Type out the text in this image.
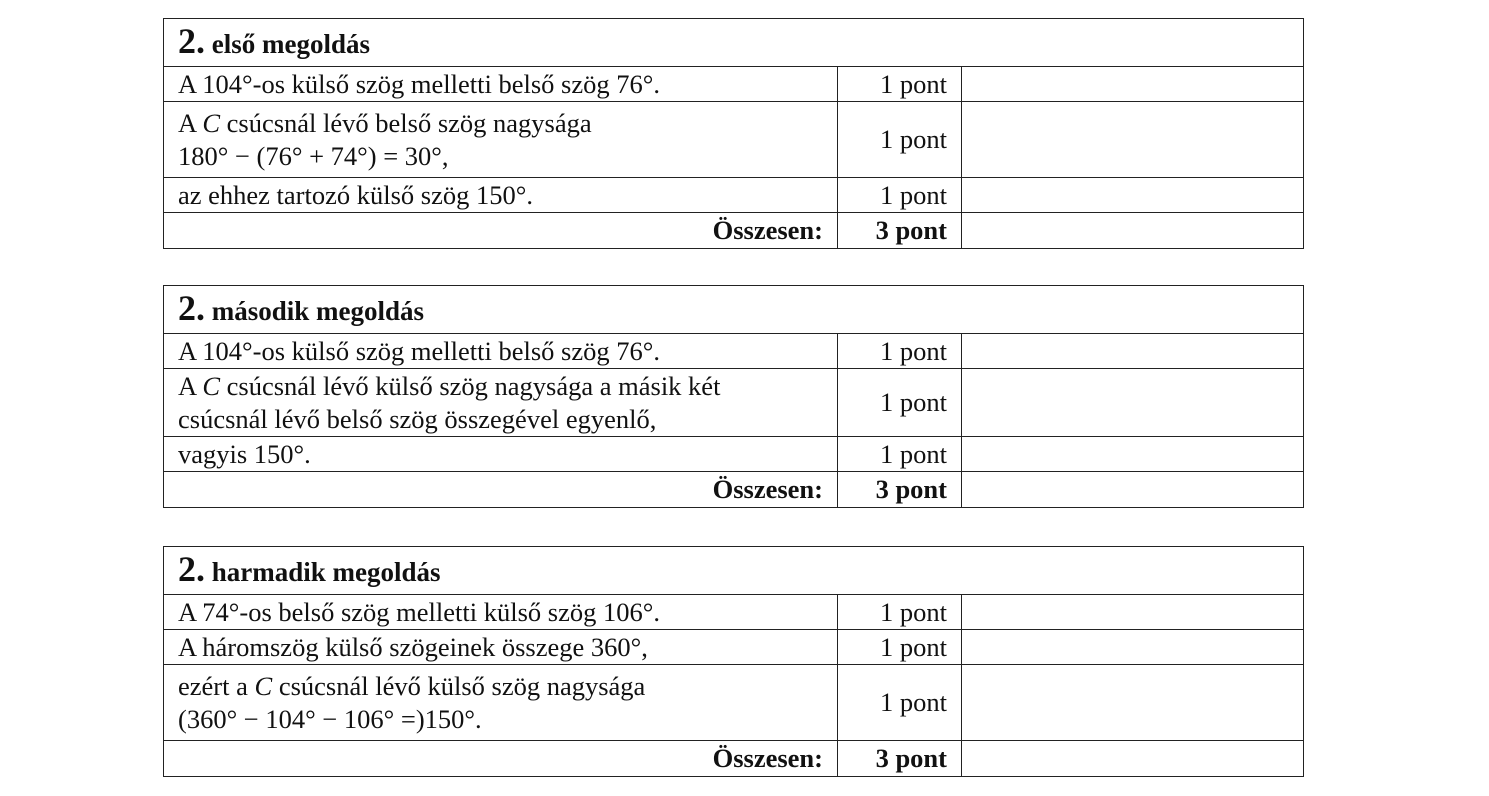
2. első megoldás		
A 104°-os külső szög melletti belső szög 76°.	1 pont	
A C csúcsnál lévő belső szög nagysága
180° − (76° + 74°) = 30°,	1 pont	
az ehhez tartozó külső szög 150°.	1 pont	
Összesen:	3 pont	
2. második megoldás		
A 104°-os külső szög melletti belső szög 76°.	1 pont	
A C csúcsnál lévő külső szög nagysága a másik két
csúcsnál lévő belső szög összegével egyenlő,	1 pont	
vagyis 150°.	1 pont	
Összesen:	3 pont	
2. harmadik megoldás		
A 74°-os belső szög melletti külső szög 106°.	1 pont	
A háromszög külső szögeinek összege 360°,	1 pont	
ezért a C csúcsnál lévő külső szög nagysága
(360° − 104° − 106° =)150°.	1 pont	
Összesen:	3 pont	
